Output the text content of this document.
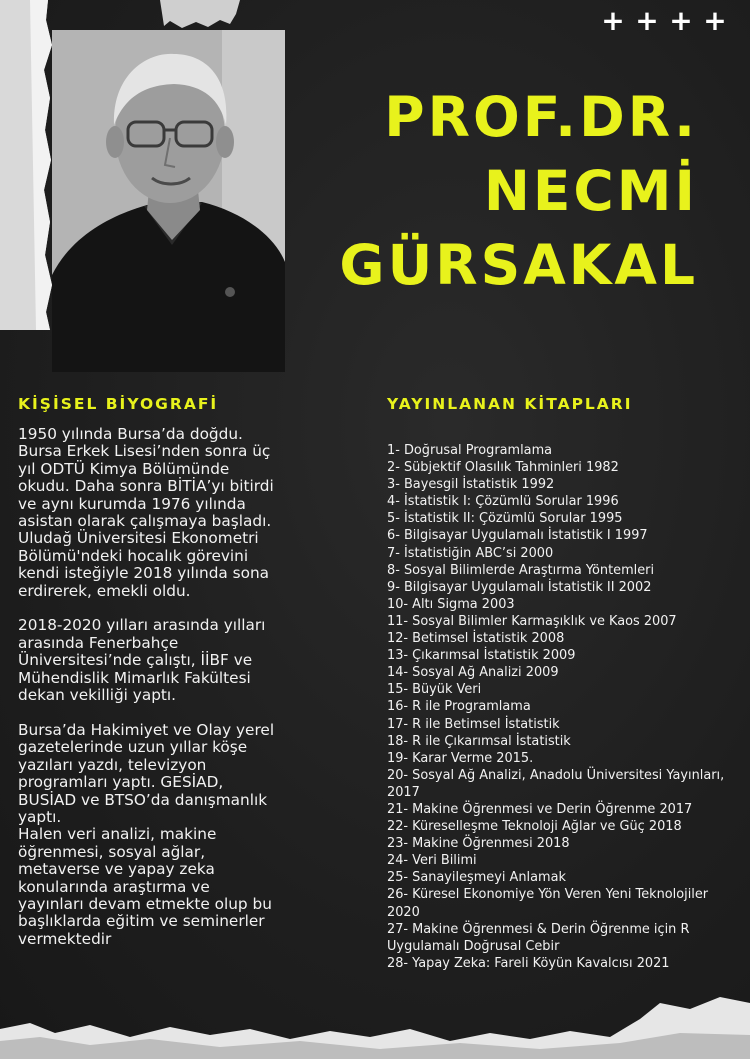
++++
PROF.DR.
NECMİ
GÜRSAKAL
KİŞİSEL BİYOGRAFİ	YAYINLANAN KİTAPLARI

1950 yılında Bursa’da doğdu.
Bursa Erkek Lisesi’nden sonra üç
yıl ODTÜ Kimya Bölümünde
okudu. Daha sonra BİTİA’yı bitirdi
ve aynı kurumda 1976 yılında
asistan olarak çalışmaya başladı.
Uludağ Üniversitesi Ekonometri
Bölümü'ndeki hocalık görevini
kendi isteğiyle 2018 yılında sona
erdirerek, emekli oldu.

2018-2020 yılları arasında yılları
arasında Fenerbahçe
Üniversitesi’nde çalıştı, İİBF ve
Mühendislik Mimarlık Fakültesi
dekan vekilliği yaptı.

Bursa’da Hakimiyet ve Olay yerel
gazetelerinde uzun yıllar köşe
yazıları yazdı, televizyon
programları yaptı. GESİAD,
BUSİAD ve BTSO’da danışmanlık
yaptı.
Halen veri analizi, makine
öğrenmesi, sosyal ağlar,
metaverse ve yapay zeka
konularında araştırma ve
yayınları devam etmekte olup bu
başlıklarda eğitim ve seminerler
vermektedir

1- Doğrusal Programlama
2- Sübjektif Olasılık Tahminleri 1982
3- Bayesgil İstatistik 1992
4- İstatistik I: Çözümlü Sorular 1996
5- İstatistik II: Çözümlü Sorular 1995
6- Bilgisayar Uygulamalı İstatistik I 1997
7- İstatistiğin ABC’si 2000
8- Sosyal Bilimlerde Araştırma Yöntemleri
9- Bilgisayar Uygulamalı İstatistik II 2002
10- Altı Sigma 2003
11- Sosyal Bilimler Karmaşıklık ve Kaos 2007
12- Betimsel İstatistik 2008
13- Çıkarımsal İstatistik 2009
14- Sosyal Ağ Analizi 2009
15- Büyük Veri
16- R ile Programlama
17- R ile Betimsel İstatistik
18- R ile Çıkarımsal İstatistik
19- Karar Verme 2015.
20- Sosyal Ağ Analizi, Anadolu Üniversitesi Yayınları, 2017
21- Makine Öğrenmesi ve Derin Öğrenme 2017
22- Küreselleşme Teknoloji Ağlar ve Güç 2018
23- Makine Öğrenmesi 2018
24- Veri Bilimi
25- Sanayileşmeyi Anlamak
26- Küresel Ekonomiye Yön Veren Yeni Teknolojiler 2020
27- Makine Öğrenmesi & Derin Öğrenme için R Uygulamalı Doğrusal Cebir
28- Yapay Zeka: Fareli Köyün Kavalcısı 2021
